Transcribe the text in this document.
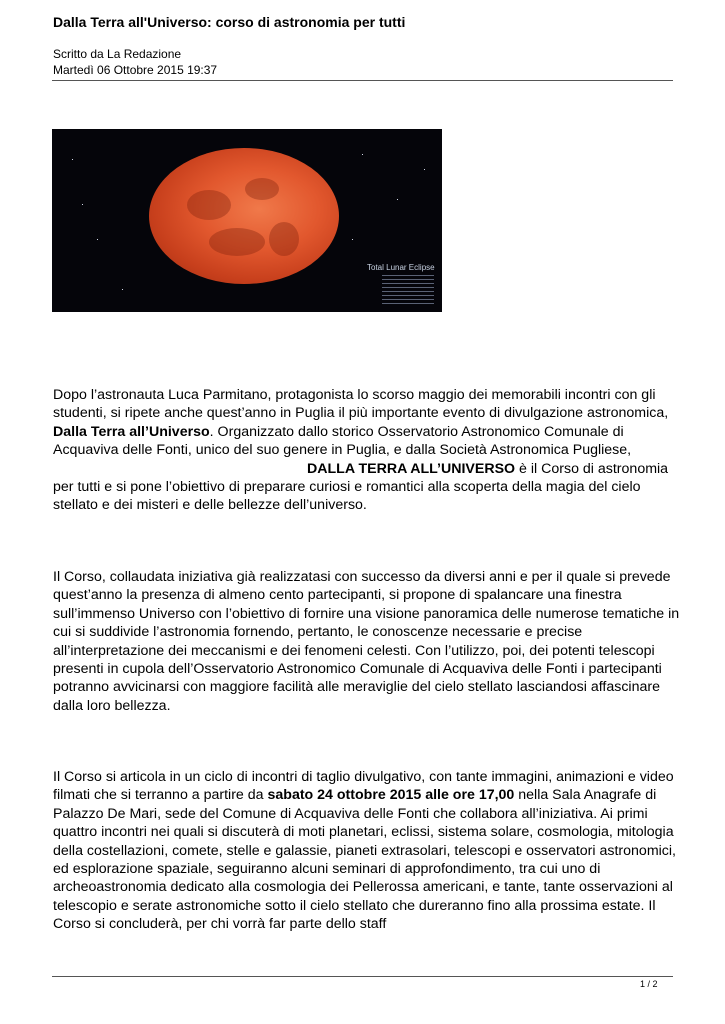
Dalla Terra all'Universo: corso di astronomia per tutti
Scritto da La Redazione
Martedì 06 Ottobre 2015 19:37
Total Lunar Eclipse

Dopo l’astronauta Luca Parmitano, protagonista lo scorso maggio dei memorabili incontri con gli studenti, si ripete anche quest’anno in Puglia il più importante evento di divulgazione astronomica, Dalla Terra all’Universo. Organizzato dallo storico Osservatorio Astronomico Comunale di Acquaviva delle Fonti, unico del suo genere in Puglia, e dalla Società Astronomica Pugliese,DALLA TERRA ALL’UNIVERSO è il Corso di astronomia per tutti e si pone l’obiettivo di preparare curiosi e romantici alla scoperta della magia del cielo stellato e dei misteri e delle bellezze dell’universo.

Il Corso, collaudata iniziativa già realizzatasi con successo da diversi anni e per il quale si prevede quest’anno la presenza di almeno cento partecipanti, si propone di spalancare una finestra sull’immenso Universo con l’obiettivo di fornire una visione panoramica delle numerose tematiche in cui si suddivide l’astronomia fornendo, pertanto, le conoscenze necessarie e precise all’interpretazione dei meccanismi e dei fenomeni celesti. Con l’utilizzo, poi, dei potenti telescopi presenti in cupola dell’Osservatorio Astronomico Comunale di Acquaviva delle Fonti i partecipanti potranno avvicinarsi con maggiore facilità alle meraviglie del cielo stellato lasciandosi affascinare dalla loro bellezza.

Il Corso si articola in un ciclo di incontri di taglio divulgativo, con tante immagini, animazioni e video filmati che si terranno a partire da sabato 24 ottobre 2015 alle ore 17,00 nella Sala Anagrafe di Palazzo De Mari, sede del Comune di Acquaviva delle Fonti che collabora all’iniziativa. Ai primi quattro incontri nei quali si discuterà di moti planetari, eclissi, sistema solare, cosmologia, mitologia della costellazioni, comete, stelle e galassie, pianeti extrasolari, telescopi e osservatori astronomici, ed esplorazione spaziale, seguiranno alcuni seminari di approfondimento, tra cui uno di archeoastronomia dedicato alla cosmologia dei Pellerossa americani, e tante, tante osservazioni al telescopio e serate astronomiche sotto il cielo stellato che dureranno fino alla prossima estate. Il Corso si concluderà, per chi vorrà far parte dello staff

1 / 2
